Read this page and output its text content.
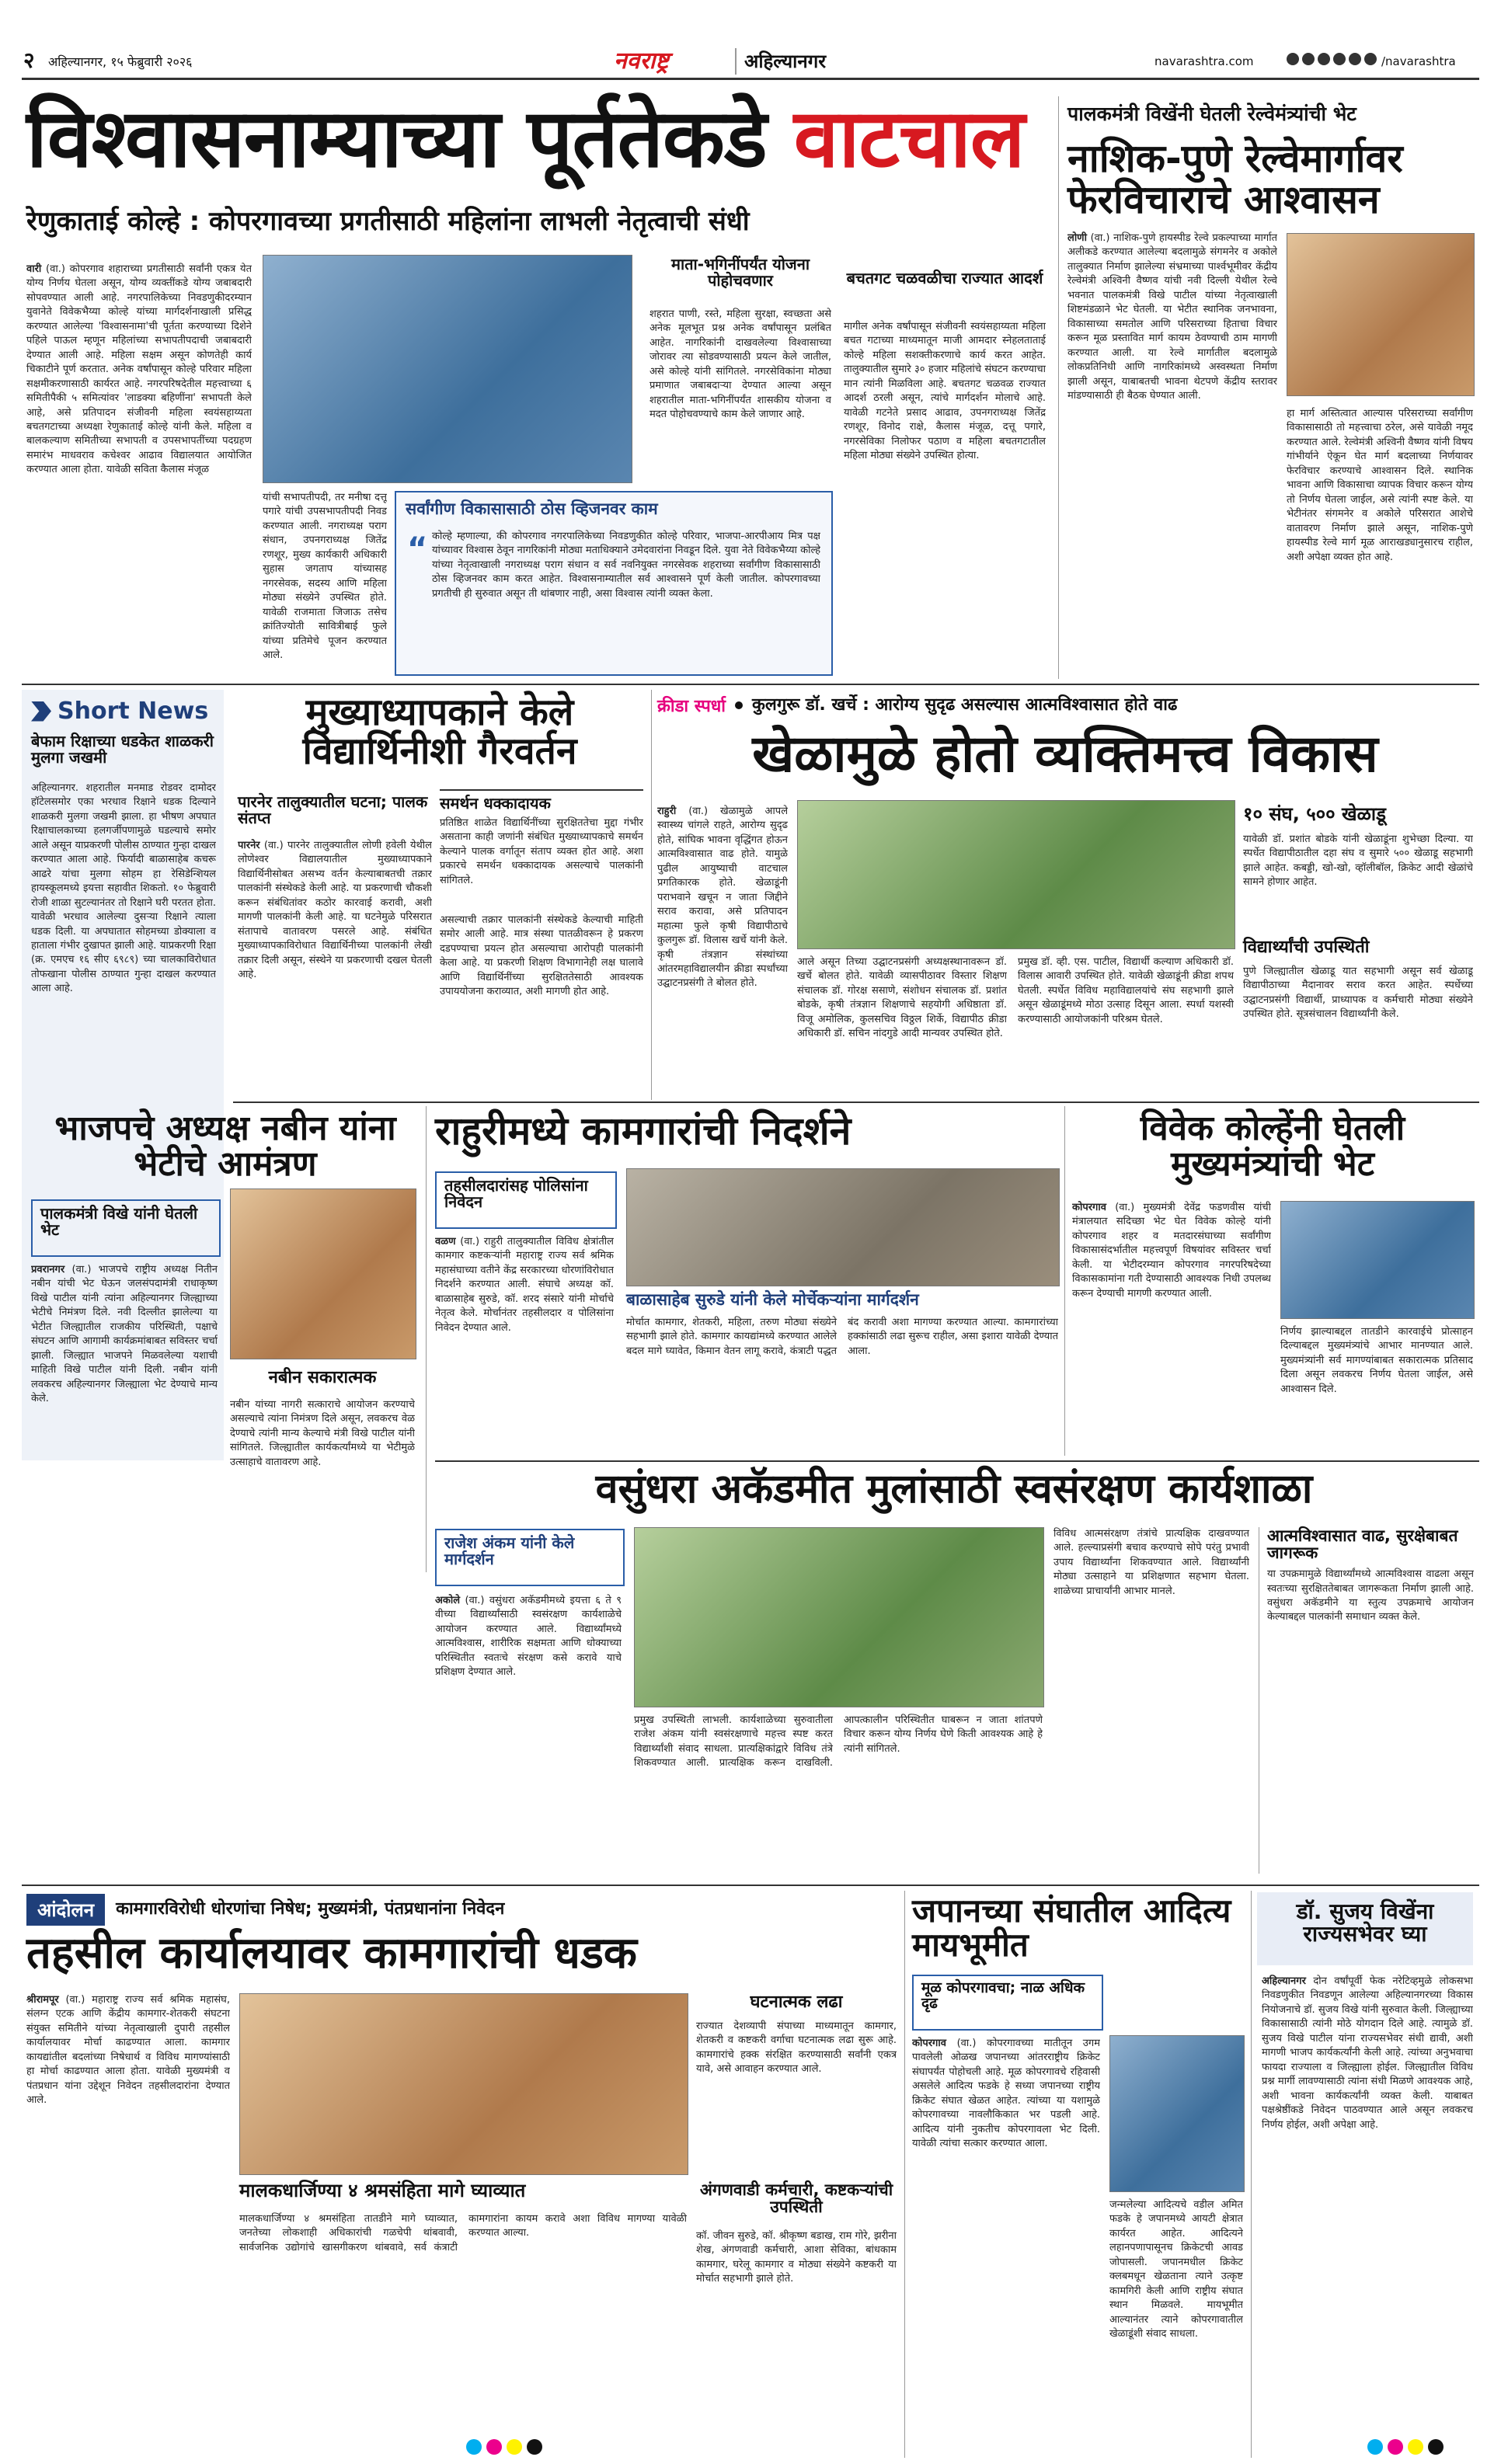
२ अहिल्यानगर, १५ फेब्रुवारी २०२६	नवराष्ट्र	अहिल्यानगर	navarashtra.com	/navarashtra
विश्वासनाम्याच्या पूर्ततेकडे वाटचाल
रेणुकाताई कोल्हे : कोपरगावच्या प्रगतीसाठी महिलांना लाभली नेतृत्वाची संधी
वारी (वा.) कोपरगाव शहाराच्या प्रगतीसाठी सर्वांनी एकत्र येत योग्य निर्णय घेतला असून, योग्य व्यक्तींकडे योग्य जबाबदारी सोपवण्यात आली आहे. नगरपालिकेच्या निवडणुकीदरम्यान युवानेते विवेकभैय्या कोल्हे यांच्या मार्गदर्शनाखाली प्रसिद्ध करण्यात आलेल्या 'विश्वासनामा'ची पूर्तता करण्याच्या दिशेने पहिले पाऊल म्हणून महिलांच्या सभापतीपदाची जबाबदारी देण्यात आली आहे. महिला सक्षम असून कोणतेही कार्य चिकाटीने पूर्ण करतात. अनेक वर्षांपासून कोल्हे परिवार महिला सक्षमीकरणासाठी कार्यरत आहे. नगरपरिषदेतील महत्त्वाच्या ६ समितीपैकी ५ समित्यांवर 'लाडक्या बहिणींना' सभापती केले आहे, असे प्रतिपादन संजीवनी महिला स्वयंसहाय्यता बचतगटाच्या अध्यक्षा रेणुकाताई कोल्हे यांनी केले. महिला व बालकल्याण समितीच्या सभापती व उपसभापतींच्या पदग्रहण समारंभ माधवराव कचेश्वर आढाव विद्यालयात आयोजित करण्यात आला होता. यावेळी सविता कैलास मंजूळ
यांची सभापतीपदी, तर मनीषा दत्तू पगारे यांची उपसभापतीपदी निवड करण्यात आली. नगराध्यक्ष पराग संधान, उपनगराध्यक्ष जितेंद्र रणशूर, मुख्य कार्यकारी अधिकारी सुहास जगताप यांच्यासह नगरसेवक, सदस्य आणि महिला मोठ्या संख्येने उपस्थित होते. यावेळी राजमाता जिजाऊ तसेच क्रांतिज्योती सावित्रीबाई फुले यांच्या प्रतिमेचे पूजन करण्यात आले.
माता-भगिनींपर्यंत योजना पोहोचवणार
शहरात पाणी, रस्ते, महिला सुरक्षा, स्वच्छता असे अनेक मूलभूत प्रश्न अनेक वर्षांपासून प्रलंबित आहेत. नागरिकांनी दाखवलेल्या विश्वासाच्या जोरावर त्या सोडवण्यासाठी प्रयत्न केले जातील, असे कोल्हे यांनी सांगितले. नगरसेविकांना मोठ्या प्रमाणात जबाबदाऱ्या देण्यात आल्या असून शहरातील माता-भगिनींपर्यंत शासकीय योजना व मदत पोहोचवण्याचे काम केले जाणार आहे.
बचतगट चळवळीचा राज्यात आदर्श
मागील अनेक वर्षांपासून संजीवनी स्वयंसहाय्यता महिला बचत गटाच्या माध्यमातून माजी आमदार स्नेहलताताई कोल्हे महिला सशक्तीकरणाचे कार्य करत आहेत. तालुक्यातील सुमारे ३० हजार महिलांचे संघटन करण्याचा मान त्यांनी मिळविला आहे. बचतगट चळवळ राज्यात आदर्श ठरली असून, त्यांचे मार्गदर्शन मोलाचे आहे. यावेळी गटनेते प्रसाद आढाव, उपनगराध्यक्ष जितेंद्र रणशूर, विनोद राक्षे, कैलास मंजूळ, दत्तू पगारे, नगरसेविका निलोफर पठाण व महिला बचतगटातील महिला मोठ्या संख्येने उपस्थित होत्या.
सर्वांगीण विकासासाठी ठोस व्हिजनवर काम
“ कोल्हे म्हणाल्या, की कोपरगाव नगरपालिकेच्या निवडणुकीत कोल्हे परिवार, भाजपा-आरपीआय मित्र पक्ष यांच्यावर विश्वास ठेवून नागरिकांनी मोठ्या मताधिक्याने उमेदवारांना निवडून दिले. युवा नेते विवेकभैय्या कोल्हे यांच्या नेतृत्वाखाली नगराध्यक्ष पराग संधान व सर्व नवनियुक्त नगरसेवक शहराच्या सर्वांगीण विकासासाठी ठोस व्हिजनवर काम करत आहेत. विश्वासनाम्यातील सर्व आश्वासने पूर्ण केली जातील. कोपरगावच्या प्रगतीची ही सुरुवात असून ती थांबणार नाही, असा विश्वास त्यांनी व्यक्त केला.
पालकमंत्री विखेंनी घेतली रेल्वेमंत्र्यांची भेट
नाशिक-पुणे रेल्वेमार्गावर फेरविचाराचे आश्वासन
लोणी (वा.) नाशिक-पुणे हायस्पीड रेल्वे प्रकल्पाच्या मार्गात अलीकडे करण्यात आलेल्या बदलामुळे संगमनेर व अकोले तालुक्यात निर्माण झालेल्या संभ्रमाच्या पार्श्वभूमीवर केंद्रीय रेल्वेमंत्री अश्विनी वैष्णव यांची नवी दिल्ली येथील रेल्वे भवनात पालकमंत्री विखे पाटील यांच्या नेतृत्वाखाली शिष्टमंडळाने भेट घेतली. या भेटीत स्थानिक जनभावना, विकासाच्या समतोल आणि परिसराच्या हिताचा विचार करून मूळ प्रस्तावित मार्ग कायम ठेवण्याची ठाम मागणी करण्यात आली. या रेल्वे मार्गातील बदलामुळे लोकप्रतिनिधी आणि नागरिकांमध्ये अस्वस्थता निर्माण झाली असून, याबाबतची भावना थेटपणे केंद्रीय स्तरावर मांडण्यासाठी ही बैठक घेण्यात आली.
हा मार्ग अस्तित्वात आल्यास परिसराच्या सर्वांगीण विकासासाठी तो महत्त्वाचा ठरेल, असे यावेळी नमूद करण्यात आले. रेल्वेमंत्री अश्विनी वैष्णव यांनी विषय गांभीर्याने ऐकून घेत मार्ग बदलाच्या निर्णयावर फेरविचार करण्याचे आश्वासन दिले. स्थानिक भावना आणि विकासाचा व्यापक विचार करून योग्य तो निर्णय घेतला जाईल, असे त्यांनी स्पष्ट केले. या भेटीनंतर संगमनेर व अकोले परिसरात आशेचे वातावरण निर्माण झाले असून, नाशिक-पुणे हायस्पीड रेल्वे मार्ग मूळ आराखड्यानुसारच राहील, अशी अपेक्षा व्यक्त होत आहे.
Short News
बेफाम रिक्षाच्या धडकेत शाळकरी मुलगा जखमी
अहिल्यानगर. शहरातील मनमाड रोडवर दामोदर हॉटेलसमोर एका भरधाव रिक्षाने धडक दिल्याने शाळकरी मुलगा जखमी झाला. हा भीषण अपघात रिक्षाचालकाच्या हलगर्जीपणामुळे घडल्याचे समोर आले असून याप्रकरणी पोलीस ठाण्यात गुन्हा दाखल करण्यात आला आहे. फिर्यादी बाळासाहेब कचरू आढरे यांचा मुलगा सोहम हा रेसिडेन्शियल हायस्कूलमध्ये इयत्ता सहावीत शिकतो. १० फेब्रुवारी रोजी शाळा सुटल्यानंतर तो रिक्षाने घरी परतत होता. यावेळी भरधाव आलेल्या दुसऱ्या रिक्षाने त्याला धडक दिली. या अपघातात सोहमच्या डोक्याला व हाताला गंभीर दुखापत झाली आहे. याप्रकरणी रिक्षा (क्र. एमएच १६ सीए ६९८९) च्या चालकाविरोधात तोफखाना पोलीस ठाण्यात गुन्हा दाखल करण्यात आला आहे.
मुख्याध्यापकाने केले विद्यार्थिनीशी गैरवर्तन
पारनेर तालुक्यातील घटना; पालक संतप्त
पारनेर (वा.) पारनेर तालुक्यातील लोणी हवेली येथील लोणेश्वर विद्यालयातील मुख्याध्यापकाने विद्यार्थिनीसोबत असभ्य वर्तन केल्याबाबतची तक्रार पालकांनी संस्थेकडे केली आहे. या प्रकरणाची चौकशी करून संबंधितांवर कठोर कारवाई करावी, अशी मागणी पालकांनी केली आहे. या घटनेमुळे परिसरात संतापाचे वातावरण पसरले आहे. संबंधित मुख्याध्यापकाविरोधात विद्यार्थिनीच्या पालकांनी लेखी तक्रार दिली असून, संस्थेने या प्रकरणाची दखल घेतली आहे.
समर्थन धक्कादायक
प्रतिष्ठित शाळेत विद्यार्थिनींच्या सुरक्षिततेचा मुद्दा गंभीर असताना काही जणांनी संबंधित मुख्याध्यापकाचे समर्थन केल्याने पालक वर्गातून संताप व्यक्त होत आहे. अशा प्रकारचे समर्थन धक्कादायक असल्याचे पालकांनी सांगितले.
असल्याची तक्रार पालकांनी संस्थेकडे केल्याची माहिती समोर आली आहे. मात्र संस्था पातळीवरून हे प्रकरण दडपण्याचा प्रयत्न होत असल्याचा आरोपही पालकांनी केला आहे. या प्रकरणी शिक्षण विभागानेही लक्ष घालावे आणि विद्यार्थिनींच्या सुरक्षिततेसाठी आवश्यक उपाययोजना कराव्यात, अशी मागणी होत आहे.
क्रीडा स्पर्धा कुलगुरू डॉ. खर्चे : आरोग्य सुदृढ असल्यास आत्मविश्वासात होते वाढ
खेळामुळे होतो व्यक्तिमत्त्व विकास
राहुरी (वा.) खेळामुळे आपले स्वास्थ्य चांगले राहते, आरोग्य सुदृढ होते, सांघिक भावना वृद्धिंगत होऊन आत्मविश्वासात वाढ होते. यामुळे पुढील आयुष्याची वाटचाल प्रगतिकारक होते. खेळाडूंनी पराभवाने खचून न जाता जिद्दीने सराव करावा, असे प्रतिपादन महात्मा फुले कृषी विद्यापीठाचे कुलगुरू डॉ. विलास खर्चे यांनी केले. कृषी तंत्रज्ञान संस्थांच्या आंतरमहाविद्यालयीन क्रीडा स्पर्धांच्या उद्घाटनप्रसंगी ते बोलत होते.
आले असून तिच्या उद्घाटनप्रसंगी अध्यक्षस्थानावरून डॉ. खर्चे बोलत होते. यावेळी व्यासपीठावर विस्तार शिक्षण संचालक डॉ. गोरक्ष ससाणे, संशोधन संचालक डॉ. प्रशांत बोडके, कृषी तंत्रज्ञान शिक्षणाचे सहयोगी अधिष्ठाता डॉ. विजू अमोलिक, कुलसचिव विठ्ठल शिर्के, विद्यापीठ क्रीडा अधिकारी डॉ. सचिन नांदगुडे आदी मान्यवर उपस्थित होते.
प्रमुख डॉ. व्ही. एस. पाटील, विद्यार्थी कल्याण अधिकारी डॉ. विलास आवारी उपस्थित होते. यावेळी खेळाडूंनी क्रीडा शपथ घेतली. स्पर्धेत विविध महाविद्यालयांचे संघ सहभागी झाले असून खेळाडूंमध्ये मोठा उत्साह दिसून आला. स्पर्धा यशस्वी करण्यासाठी आयोजकांनी परिश्रम घेतले.
१० संघ, ५०० खेळाडू
यावेळी डॉ. प्रशांत बोडके यांनी खेळाडूंना शुभेच्छा दिल्या. या स्पर्धेत विद्यापीठातील दहा संघ व सुमारे ५०० खेळाडू सहभागी झाले आहेत. कबड्डी, खो-खो, व्हॉलीबॉल, क्रिकेट आदी खेळांचे सामने होणार आहेत.
विद्यार्थ्यांची उपस्थिती
पुणे जिल्ह्यातील खेळाडू यात सहभागी असून सर्व खेळाडू विद्यापीठाच्या मैदानावर सराव करत आहेत. स्पर्धेच्या उद्घाटनप्रसंगी विद्यार्थी, प्राध्यापक व कर्मचारी मोठ्या संख्येने उपस्थित होते. सूत्रसंचालन विद्यार्थ्यांनी केले.
भाजपचे अध्यक्ष नबीन यांना भेटीचे आमंत्रण
पालकमंत्री विखे यांनी घेतली भेट
प्रवरानगर (वा.) भाजपचे राष्ट्रीय अध्यक्ष नितीन नबीन यांची भेट घेऊन जलसंपदामंत्री राधाकृष्ण विखे पाटील यांनी त्यांना अहिल्यानगर जिल्ह्याच्या भेटीचे निमंत्रण दिले. नवी दिल्लीत झालेल्या या भेटीत जिल्ह्यातील राजकीय परिस्थिती, पक्षाचे संघटन आणि आगामी कार्यक्रमांबाबत सविस्तर चर्चा झाली. जिल्ह्यात भाजपने मिळवलेल्या यशाची माहिती विखे पाटील यांनी दिली. नबीन यांनी लवकरच अहिल्यानगर जिल्ह्याला भेट देण्याचे मान्य केले.
नबीन सकारात्मक
नबीन यांच्या नागरी सत्काराचे आयोजन करण्याचे असल्याचे त्यांना निमंत्रण दिले असून, लवकरच वेळ देण्याचे त्यांनी मान्य केल्याचे मंत्री विखे पाटील यांनी सांगितले. जिल्ह्यातील कार्यकर्त्यांमध्ये या भेटीमुळे उत्साहाचे वातावरण आहे.
राहुरीमध्ये कामगारांची निदर्शने
तहसीलदारांसह पोलिसांना निवेदन
वळण (वा.) राहुरी तालुक्यातील विविध क्षेत्रांतील कामगार कष्टकऱ्यांनी महाराष्ट्र राज्य सर्व श्रमिक महासंघाच्या वतीने केंद्र सरकारच्या धोरणांविरोधात निदर्शने करण्यात आली. संघाचे अध्यक्ष कॉ. बाळासाहेब सुरुडे, कॉ. शरद संसारे यांनी मोर्चाचे नेतृत्व केले. मोर्चानंतर तहसीलदार व पोलिसांना निवेदन देण्यात आले.
बाळासाहेब सुरुडे यांनी केले मोर्चेकऱ्यांना मार्गदर्शन
मोर्चात कामगार, शेतकरी, महिला, तरुण मोठ्या संख्येने सहभागी झाले होते. कामगार कायद्यांमध्ये करण्यात आलेले बदल मागे घ्यावेत, किमान वेतन लागू करावे, कंत्राटी पद्धत बंद करावी अशा मागण्या करण्यात आल्या. कामगारांच्या हक्कांसाठी लढा सुरूच राहील, असा इशारा यावेळी देण्यात आला.
विवेक कोल्हेंनी घेतली मुख्यमंत्र्यांची भेट
कोपरगाव (वा.) मुख्यमंत्री देवेंद्र फडणवीस यांची मंत्रालयात सदिच्छा भेट घेत विवेक कोल्हे यांनी कोपरगाव शहर व मतदारसंघाच्या सर्वांगीण विकासासंदर्भातील महत्त्वपूर्ण विषयांवर सविस्तर चर्चा केली. या भेटीदरम्यान कोपरगाव नगरपरिषदेच्या विकासकामांना गती देण्यासाठी आवश्यक निधी उपलब्ध करून देण्याची मागणी करण्यात आली.
निर्णय झाल्याबद्दल तातडीने कारवाईचे प्रोत्साहन दिल्याबद्दल मुख्यमंत्र्यांचे आभार मानण्यात आले. मुख्यमंत्र्यांनी सर्व मागण्यांबाबत सकारात्मक प्रतिसाद दिला असून लवकरच निर्णय घेतला जाईल, असे आश्वासन दिले.
वसुंधरा अकॅडमीत मुलांसाठी स्वसंरक्षण कार्यशाळा
राजेश अंकम यांनी केले मार्गदर्शन
अकोले (वा.) वसुंधरा अकॅडमीमध्ये इयत्ता ६ ते ९ वीच्या विद्यार्थ्यांसाठी स्वसंरक्षण कार्यशाळेचे आयोजन करण्यात आले. विद्यार्थ्यांमध्ये आत्मविश्वास, शारीरिक सक्षमता आणि धोक्याच्या परिस्थितीत स्वतःचे संरक्षण कसे करावे याचे प्रशिक्षण देण्यात आले.
प्रमुख उपस्थिती लाभली. कार्यशाळेच्या सुरुवातीला राजेश अंकम यांनी स्वसंरक्षणाचे महत्त्व स्पष्ट करत विद्यार्थ्यांशी संवाद साधला. प्रात्यक्षिकांद्वारे विविध तंत्रे शिकवण्यात आली. प्रात्यक्षिक करून दाखविली. आपत्कालीन परिस्थितीत घाबरून न जाता शांतपणे विचार करून योग्य निर्णय घेणे किती आवश्यक आहे हे त्यांनी सांगितले.
विविध आत्मसंरक्षण तंत्रांचे प्रात्यक्षिक दाखवण्यात आले. हल्ल्याप्रसंगी बचाव करण्याचे सोपे परंतु प्रभावी उपाय विद्यार्थ्यांना शिकवण्यात आले. विद्यार्थ्यांनी मोठ्या उत्साहाने या प्रशिक्षणात सहभाग घेतला. शाळेच्या प्राचार्यांनी आभार मानले.
आत्मविश्वासात वाढ, सुरक्षेबाबत जागरूक
या उपक्रमामुळे विद्यार्थ्यांमध्ये आत्मविश्वास वाढला असून स्वतःच्या सुरक्षिततेबाबत जागरूकता निर्माण झाली आहे. वसुंधरा अकॅडमीने या स्तुत्य उपक्रमाचे आयोजन केल्याबद्दल पालकांनी समाधान व्यक्त केले.
आंदोलन	कामगारविरोधी धोरणांचा निषेध; मुख्यमंत्री, पंतप्रधानांना निवेदन
तहसील कार्यालयावर कामगारांची धडक
श्रीरामपूर (वा.) महाराष्ट्र राज्य सर्व श्रमिक महासंघ, संलग्न एटक आणि केंद्रीय कामगार-शेतकरी संघटना संयुक्त समितीने यांच्या नेतृत्वाखाली दुपारी तहसील कार्यालयावर मोर्चा काढण्यात आला. कामगार कायद्यांतील बदलांच्या निषेधार्थ व विविध मागण्यांसाठी हा मोर्चा काढण्यात आला होता. यावेळी मुख्यमंत्री व पंतप्रधान यांना उद्देशून निवेदन तहसीलदारांना देण्यात आले.
घटनात्मक लढा
राज्यात देशव्यापी संपाच्या माध्यमातून कामगार, शेतकरी व कष्टकरी वर्गाचा घटनात्मक लढा सुरू आहे. कामगारांचे हक्क संरक्षित करण्यासाठी सर्वांनी एकत्र यावे, असे आवाहन करण्यात आले.
मालकधार्जिण्या ४ श्रमसंहिता मागे घ्याव्यात
मालकधार्जिण्या ४ श्रमसंहिता तातडीने मागे घ्याव्यात, जनतेच्या लोकशाही अधिकारांची गळचेपी थांबवावी, सार्वजनिक उद्योगांचे खासगीकरण थांबवावे, सर्व कंत्राटी कामगारांना कायम करावे अशा विविध मागण्या यावेळी करण्यात आल्या.
अंगणवाडी कर्मचारी, कष्टकऱ्यांची उपस्थिती
कॉ. जीवन सुरुडे, कॉ. श्रीकृष्ण बडाख, राम गोरे, झरीना शेख, अंगणवाडी कर्मचारी, आशा सेविका, बांधकाम कामगार, घरेलू कामगार व मोठ्या संख्येने कष्टकरी या मोर्चात सहभागी झाले होते.
जपानच्या संघातील आदित्य मायभूमीत
मूळ कोपरगावचा; नाळ अधिक दृढ
कोपरगाव (वा.) कोपरगावच्या मातीतून उगम पावलेली ओळख जपानच्या आंतरराष्ट्रीय क्रिकेट संघापर्यंत पोहोचली आहे. मूळ कोपरगावचे रहिवासी असलेले आदित्य फडके हे सध्या जपानच्या राष्ट्रीय क्रिकेट संघात खेळत आहेत. त्यांच्या या यशामुळे कोपरगावच्या नावलौकिकात भर पडली आहे. आदित्य यांनी नुकतीच कोपरगावला भेट दिली. यावेळी त्यांचा सत्कार करण्यात आला.
जन्मलेल्या आदित्यचे वडील अमित फडके हे जपानमध्ये आयटी क्षेत्रात कार्यरत आहेत. आदित्यने लहानपणापासूनच क्रिकेटची आवड जोपासली. जपानमधील क्रिकेट क्लबमधून खेळताना त्याने उत्कृष्ट कामगिरी केली आणि राष्ट्रीय संघात स्थान मिळवले. मायभूमीत आल्यानंतर त्याने कोपरगावातील खेळाडूंशी संवाद साधला.
डॉ. सुजय विखेंना राज्यसभेवर घ्या
अहिल्यानगर दोन वर्षांपूर्वी फेक नरेटिव्हमुळे लोकसभा निवडणुकीत निवडणून आलेल्या अहिल्यानगरच्या विकास नियोजनाचे डॉ. सुजय विखे यांनी सुरुवात केली. जिल्ह्याच्या विकासासाठी त्यांनी मोठे योगदान दिले आहे. त्यामुळे डॉ. सुजय विखे पाटील यांना राज्यसभेवर संधी द्यावी, अशी मागणी भाजप कार्यकर्त्यांनी केली आहे. त्यांच्या अनुभवाचा फायदा राज्याला व जिल्ह्याला होईल. जिल्ह्यातील विविध प्रश्न मार्गी लावण्यासाठी त्यांना संधी मिळणे आवश्यक आहे, अशी भावना कार्यकर्त्यांनी व्यक्त केली. याबाबत पक्षश्रेष्ठींकडे निवेदन पाठवण्यात आले असून लवकरच निर्णय होईल, अशी अपेक्षा आहे.
